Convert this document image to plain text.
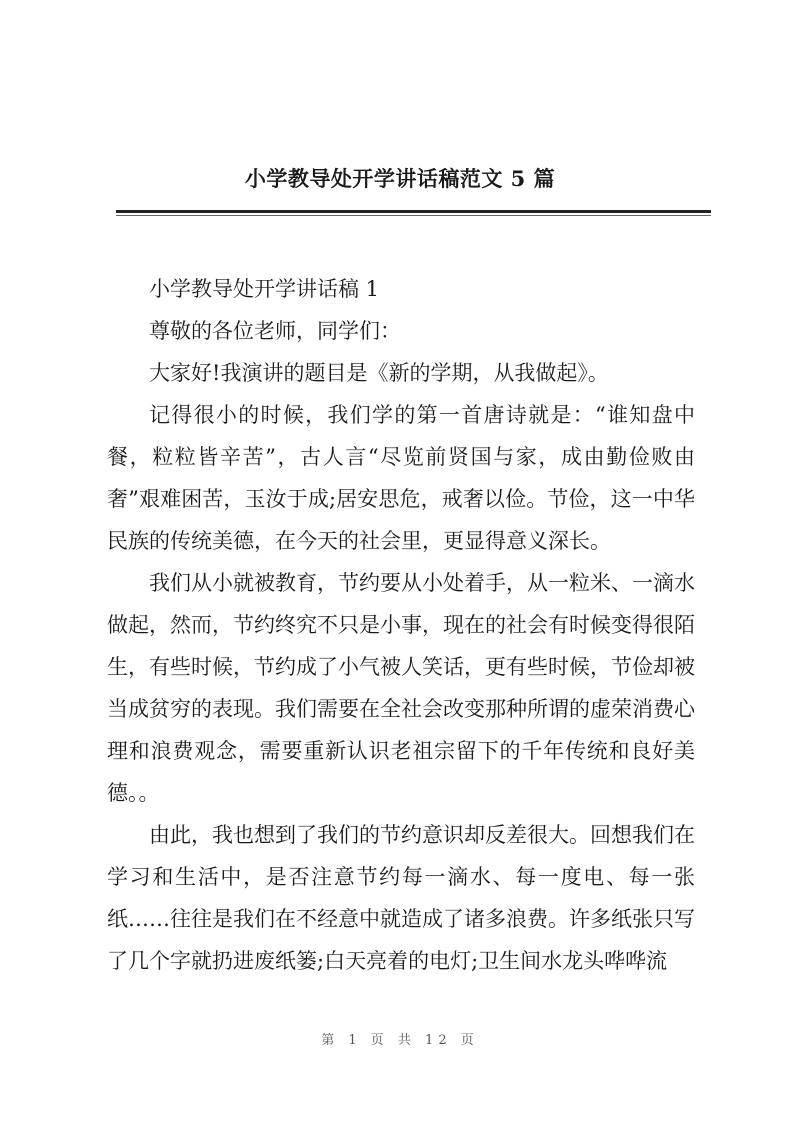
小学教导处开学讲话稿范文 5 篇

小学教导处开学讲话稿 1

尊敬的各位老师，同学们：

大家好!我演讲的题目是《新的学期，从我做起》。

记得很小的时候，我们学的第一首唐诗就是：“谁知盘中餐，粒粒皆辛苦”，古人言“尽览前贤国与家，成由勤俭败由奢”艰难困苦，玉汝于成;居安思危，戒奢以俭。节俭，这一中华民族的传统美德，在今天的社会里，更显得意义深长。

我们从小就被教育，节约要从小处着手，从一粒米、一滴水做起，然而，节约终究不只是小事，现在的社会有时候变得很陌生，有些时候，节约成了小气被人笑话，更有些时候，节俭却被当成贫穷的表现。我们需要在全社会改变那种所谓的虚荣消费心理和浪费观念，需要重新认识老祖宗留下的千年传统和良好美德。。

由此，我也想到了我们的节约意识却反差很大。回想我们在学习和生活中，是否注意节约每一滴水、每一度电、每一张纸……往往是我们在不经意中就造成了诸多浪费。许多纸张只写了几个字就扔进废纸篓;白天亮着的电灯;卫生间水龙头哗哗流

第 1 页 共 12 页
